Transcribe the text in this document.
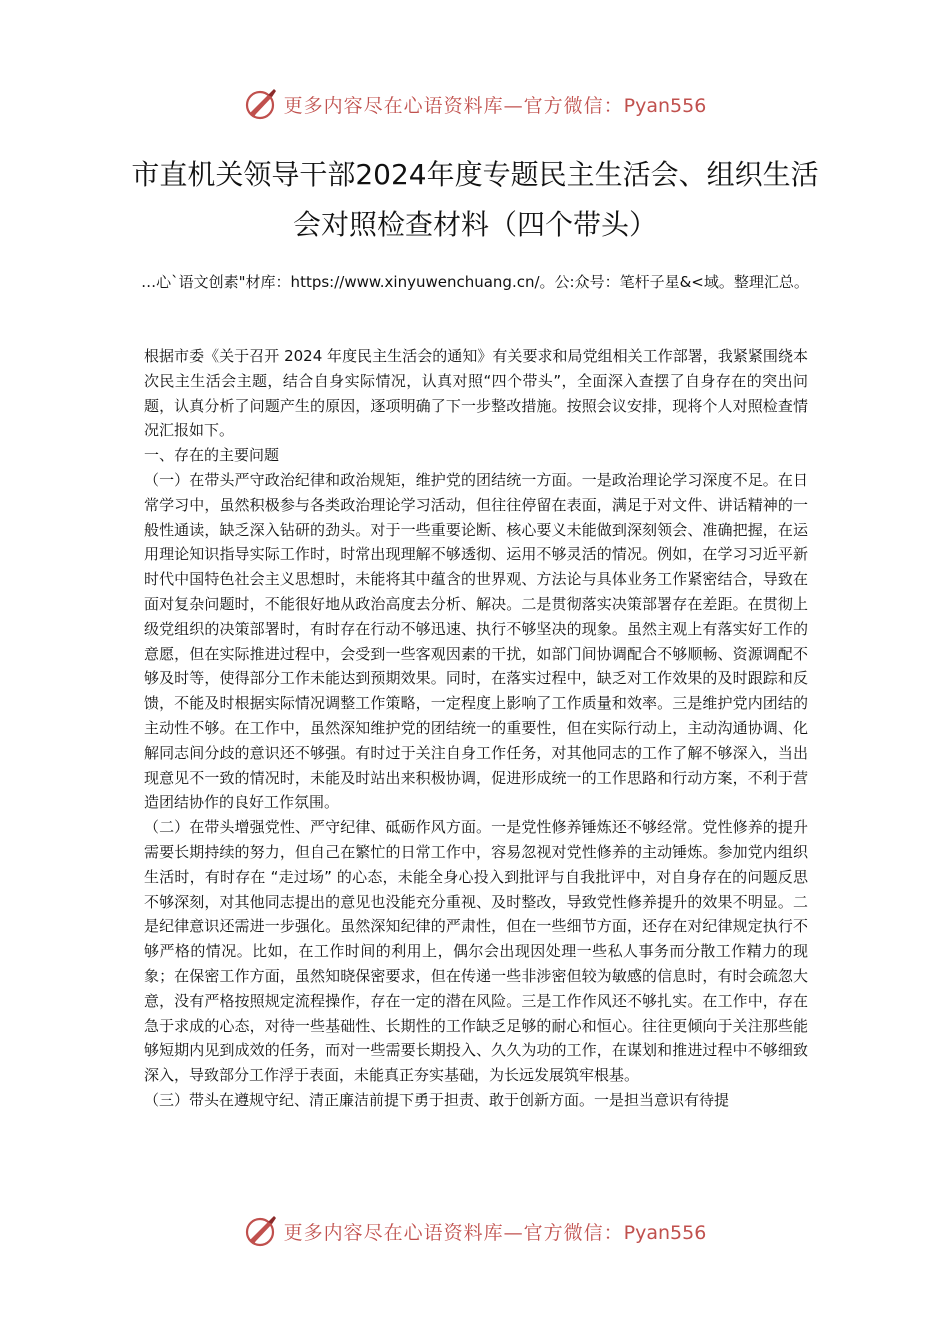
更多内容尽在心语资料库—官方微信：Pyan556
市直机关领导干部2024年度专题民主生活会、组织生活会对照检查材料（四个带头）
…心`语文创素"材库：https://www.xinyuwenchuang.cn/。公:众号：笔杆子星&<域。整理汇总。

根据市委《关于召开 2024 年度民主生活会的通知》有关要求和局党组相关工作部署，我紧紧围绕本次民主生活会主题，结合自身实际情况，认真对照“四个带头”，全面深入查摆了自身存在的突出问题，认真分析了问题产生的原因，逐项明确了下一步整改措施。按照会议安排，现将个人对照检查情况汇报如下。

一、存在的主要问题

（一）在带头严守政治纪律和政治规矩，维护党的团结统一方面。一是政治理论学习深度不足。在日常学习中，虽然积极参与各类政治理论学习活动，但往往停留在表面，满足于对文件、讲话精神的一般性通读，缺乏深入钻研的劲头。对于一些重要论断、核心要义未能做到深刻领会、准确把握，在运用理论知识指导实际工作时，时常出现理解不够透彻、运用不够灵活的情况。例如，在学习习近平新时代中国特色社会主义思想时，未能将其中蕴含的世界观、方法论与具体业务工作紧密结合，导致在面对复杂问题时，不能很好地从政治高度去分析、解决。二是贯彻落实决策部署存在差距。在贯彻上级党组织的决策部署时，有时存在行动不够迅速、执行不够坚决的现象。虽然主观上有落实好工作的意愿，但在实际推进过程中，会受到一些客观因素的干扰，如部门间协调配合不够顺畅、资源调配不够及时等，使得部分工作未能达到预期效果。同时，在落实过程中，缺乏对工作效果的及时跟踪和反馈，不能及时根据实际情况调整工作策略，一定程度上影响了工作质量和效率。三是维护党内团结的主动性不够。在工作中，虽然深知维护党的团结统一的重要性，但在实际行动上，主动沟通协调、化解同志间分歧的意识还不够强。有时过于关注自身工作任务，对其他同志的工作了解不够深入，当出现意见不一致的情况时，未能及时站出来积极协调，促进形成统一的工作思路和行动方案，不利于营造团结协作的良好工作氛围。

（二）在带头增强党性、严守纪律、砥砺作风方面。一是党性修养锤炼还不够经常。党性修养的提升需要长期持续的努力，但自己在繁忙的日常工作中，容易忽视对党性修养的主动锤炼。参加党内组织生活时，有时存在 “走过场” 的心态，未能全身心投入到批评与自我批评中，对自身存在的问题反思不够深刻，对其他同志提出的意见也没能充分重视、及时整改，导致党性修养提升的效果不明显。二是纪律意识还需进一步强化。虽然深知纪律的严肃性，但在一些细节方面，还存在对纪律规定执行不够严格的情况。比如，在工作时间的利用上，偶尔会出现因处理一些私人事务而分散工作精力的现象；在保密工作方面，虽然知晓保密要求，但在传递一些非涉密但较为敏感的信息时，有时会疏忽大意，没有严格按照规定流程操作，存在一定的潜在风险。三是工作作风还不够扎实。在工作中，存在急于求成的心态，对待一些基础性、长期性的工作缺乏足够的耐心和恒心。往往更倾向于关注那些能够短期内见到成效的任务，而对一些需要长期投入、久久为功的工作，在谋划和推进过程中不够细致深入，导致部分工作浮于表面，未能真正夯实基础，为长远发展筑牢根基。

（三）带头在遵规守纪、清正廉洁前提下勇于担责、敢于创新方面。一是担当意识有待提

更多内容尽在心语资料库—官方微信：Pyan556
